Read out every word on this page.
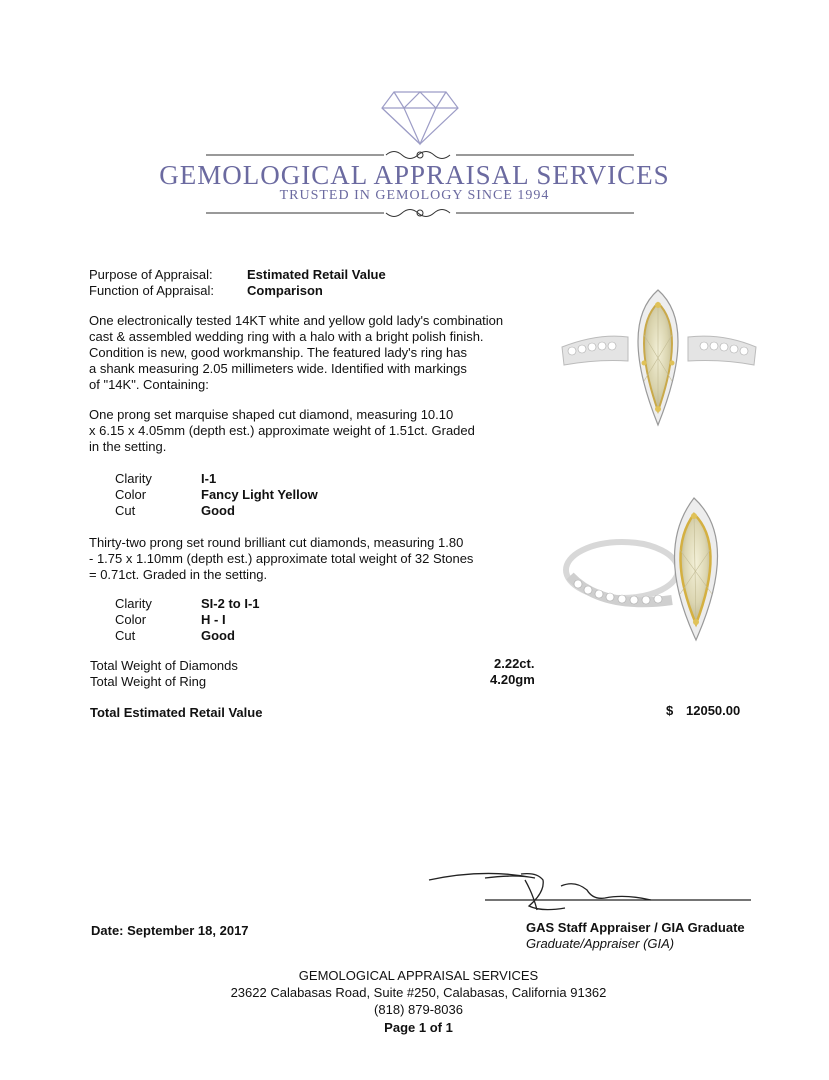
GEMOLOGICAL APPRAISAL SERVICES
TRUSTED IN GEMOLOGY SINCE 1994
Purpose of Appraisal:	Estimated Retail Value
Function of Appraisal:	Comparison
One electronically tested 14KT white and yellow gold lady's combination
cast & assembled wedding ring with a halo with a bright polish finish.
Condition is new, good workmanship. The featured lady's ring has
a shank measuring 2.05 millimeters wide. Identified with markings
of "14K". Containing:
One prong set marquise shaped cut diamond, measuring 10.10
x 6.15 x 4.05mm (depth est.) approximate weight of 1.51ct. Graded
in the setting.
Clarity	I-1
Color	Fancy Light Yellow
Cut	Good
Thirty-two prong set round brilliant cut diamonds, measuring 1.80
- 1.75 x 1.10mm (depth est.) approximate total weight of 32 Stones
= 0.71ct. Graded in the setting.
Clarity	SI-2 to I-1
Color	H - I
Cut	Good
Total Weight of Diamonds	2.22ct.
Total Weight of Ring	4.20gm
Total Estimated Retail Value	$ 12050.00
Date: September 18, 2017	GAS Staff Appraiser / GIA Graduate
Graduate/Appraiser (GIA)
GEMOLOGICAL APPRAISAL SERVICES
23622 Calabasas Road, Suite #250, Calabasas, California 91362
(818) 879-8036
Page 1 of 1
